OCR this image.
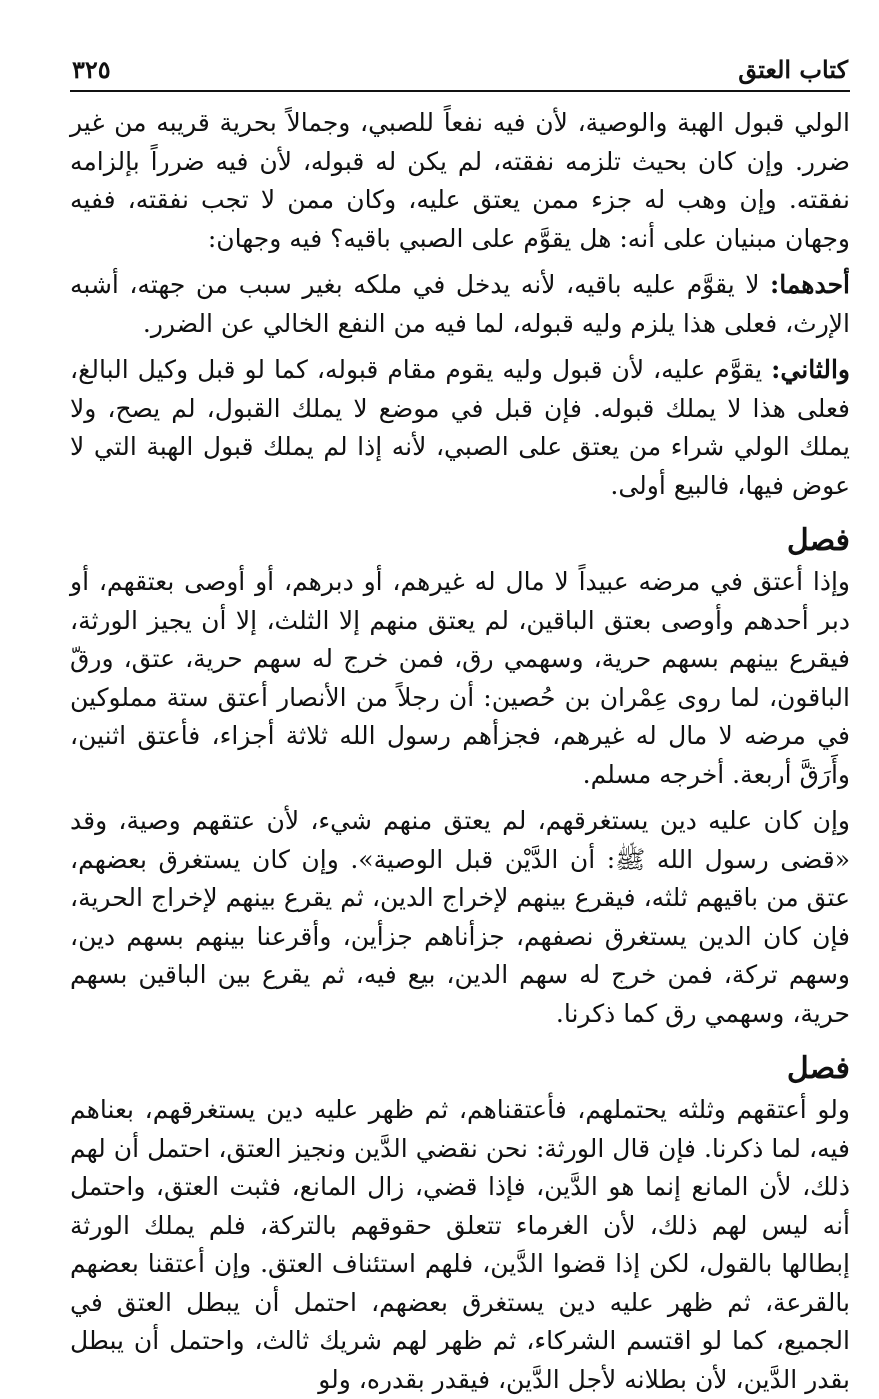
كتاب العتق
٣٢٥

الولي قبول الهبة والوصية، لأن فيه نفعاً للصبي، وجمالاً بحرية قريبه من غير ضرر. وإن كان بحيث تلزمه نفقته، لم يكن له قبوله، لأن فيه ضرراً بإلزامه نفقته. وإن وهب له جزء ممن يعتق عليه، وكان ممن لا تجب نفقته، ففيه وجهان مبنيان على أنه: هل يقوَّم على الصبي باقيه؟ فيه وجهان:

أحدهما: لا يقوَّم عليه باقيه، لأنه يدخل في ملكه بغير سبب من جهته، أشبه الإرث، فعلى هذا يلزم وليه قبوله، لما فيه من النفع الخالي عن الضرر.

والثاني: يقوَّم عليه، لأن قبول وليه يقوم مقام قبوله، كما لو قبل وكيل البالغ، فعلى هذا لا يملك قبوله. فإن قبل في موضع لا يملك القبول، لم يصح، ولا يملك الولي شراء من يعتق على الصبي، لأنه إذا لم يملك قبول الهبة التي لا عوض فيها، فالبيع أولى.

فصل

وإذا أعتق في مرضه عبيداً لا مال له غيرهم، أو دبرهم، أو أوصى بعتقهم، أو دبر أحدهم وأوصى بعتق الباقين، لم يعتق منهم إلا الثلث، إلا أن يجيز الورثة، فيقرع بينهم بسهم حرية، وسهمي رق، فمن خرج له سهم حرية، عتق، ورقّ الباقون، لما روى عِمْران بن حُصين: أن رجلاً من الأنصار أعتق ستة مملوكين في مرضه لا مال له غيرهم، فجزأهم رسول الله ثلاثة أجزاء، فأعتق اثنين، وأَرَقَّ أربعة. أخرجه مسلم.

وإن كان عليه دين يستغرقهم، لم يعتق منهم شيء، لأن عتقهم وصية، وقد «قضى رسول الله ﷺ: أن الدَّيْن قبل الوصية». وإن كان يستغرق بعضهم، عتق من باقيهم ثلثه، فيقرع بينهم لإخراج الدين، ثم يقرع بينهم لإخراج الحرية، فإن كان الدين يستغرق نصفهم، جزأناهم جزأين، وأقرعنا بينهم بسهم دين، وسهم تركة، فمن خرج له سهم الدين، بيع فيه، ثم يقرع بين الباقين بسهم حرية، وسهمي رق كما ذكرنا.

فصل

ولو أعتقهم وثلثه يحتملهم، فأعتقناهم، ثم ظهر عليه دين يستغرقهم، بعناهم فيه، لما ذكرنا. فإن قال الورثة: نحن نقضي الدَّين ونجيز العتق، احتمل أن لهم ذلك، لأن المانع إنما هو الدَّين، فإذا قضي، زال المانع، فثبت العتق، واحتمل أنه ليس لهم ذلك، لأن الغرماء تتعلق حقوقهم بالتركة، فلم يملك الورثة إبطالها بالقول، لكن إذا قضوا الدَّين، فلهم استئناف العتق. وإن أعتقنا بعضهم بالقرعة، ثم ظهر عليه دين يستغرق بعضهم، احتمل أن يبطل العتق في الجميع، كما لو اقتسم الشركاء، ثم ظهر لهم شريك ثالث، واحتمل أن يبطل بقدر الدَّين، لأن بطلانه لأجل الدَّين، فيقدر بقدره، ولو
